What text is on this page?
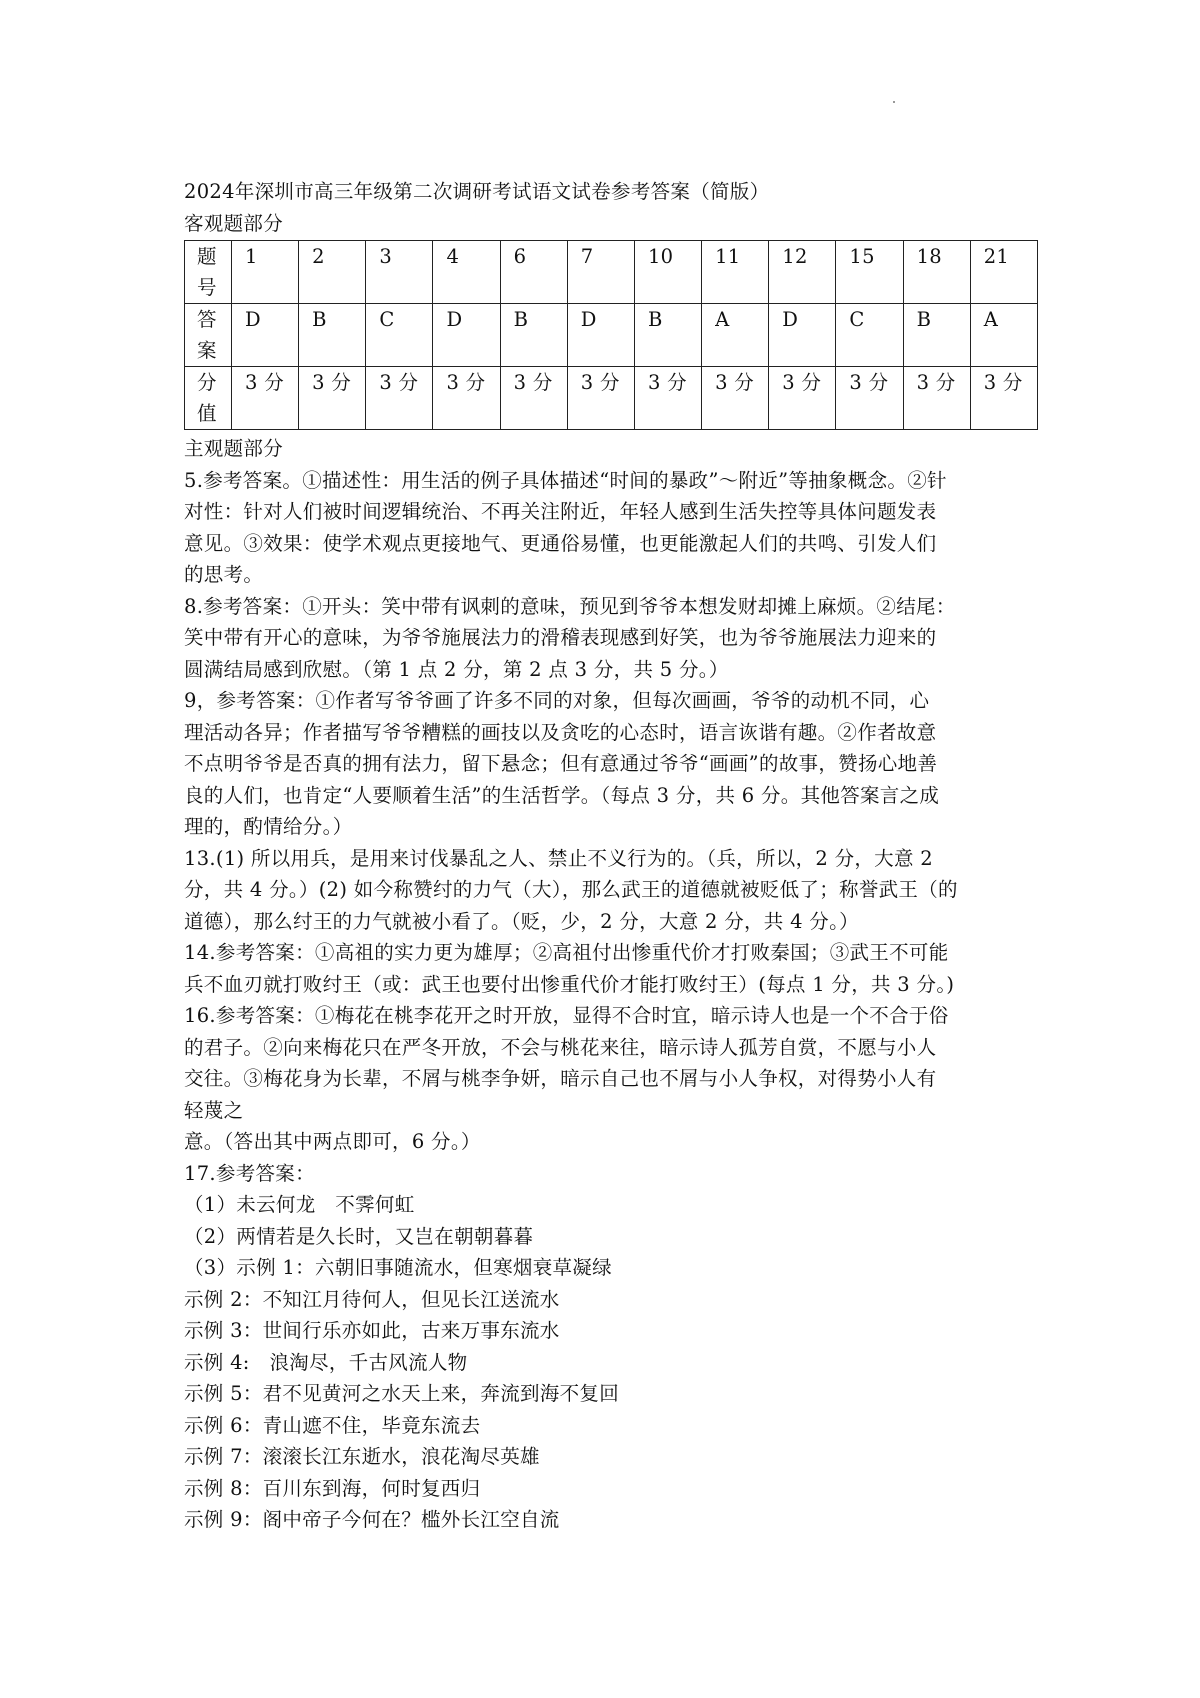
2024年深圳市高三年级第二次调研考试语文试卷参考答案（简版）
客观题部分
题号	1	2	3	4	6	7	10	11	12	15	18	21
答案	D	B	C	D	B	D	B	A	D	C	B	A
分值	3 分	3 分	3 分	3 分	3 分	3 分	3 分	3 分	3 分	3 分	3 分	3 分
主观题部分
5.参考答案。①描述性：用生活的例子具体描述“时间的暴政”～附近”等抽象概念。②针
对性：针对人们被时间逻辑统治、不再关注附近，年轻人感到生活失控等具体问题发表
意见。③效果：使学术观点更接地气、更通俗易懂，也更能激起人们的共鸣、引发人们
的思考。
8.参考答案：①开头：笑中带有讽刺的意味，预见到爷爷本想发财却摊上麻烦。②结尾：
笑中带有开心的意味，为爷爷施展法力的滑稽表现感到好笑，也为爷爷施展法力迎来的
圆满结局感到欣慰。（第 1 点 2 分，第 2 点 3 分，共 5 分。）
9，参考答案：①作者写爷爷画了许多不同的对象，但每次画画，爷爷的动机不同，心
理活动各异；作者描写爷爷糟糕的画技以及贪吃的心态时，语言诙谐有趣。②作者故意
不点明爷爷是否真的拥有法力，留下悬念；但有意通过爷爷“画画”的故事，赞扬心地善
良的人们，也肯定“人要顺着生活”的生活哲学。（每点 3 分，共 6 分。其他答案言之成
理的，酌情给分。）
13.(1) 所以用兵，是用来讨伐暴乱之人、禁止不义行为的。（兵，所以，2 分，大意 2
分，共 4 分。）(2) 如今称赞纣的力气（大），那么武王的道德就被贬低了；称誉武王（的
道德），那么纣王的力气就被小看了。（贬，少，2 分，大意 2 分，共 4 分。）
14.参考答案：①高祖的实力更为雄厚；②高祖付出惨重代价才打败秦国；③武王不可能
兵不血刃就打败纣王（或：武王也要付出惨重代价才能打败纣王）(每点 1 分，共 3 分。)
16.参考答案：①梅花在桃李花开之时开放，显得不合时宜，暗示诗人也是一个不合于俗
的君子。②向来梅花只在严冬开放，不会与桃花来往，暗示诗人孤芳自赏，不愿与小人
交往。③梅花身为长辈，不屑与桃李争妍，暗示自己也不屑与小人争权，对得势小人有
轻蔑之
意。（答出其中两点即可，6 分。）
17.参考答案：
（1）未云何龙　不霁何虹
（2）两情若是久长时，又岂在朝朝暮暮
（3）示例 1：六朝旧事随流水，但寒烟衰草凝绿
示例 2：不知江月待何人，但见长江送流水
示例 3：世间行乐亦如此，古来万事东流水
示例 4:　浪淘尽，千古风流人物
示例 5：君不见黄河之水天上来，奔流到海不复回
示例 6：青山遮不住，毕竟东流去
示例 7：滚滚长江东逝水，浪花淘尽英雄
示例 8：百川东到海，何时复西归
示例 9：阁中帝子今何在？槛外长江空自流
